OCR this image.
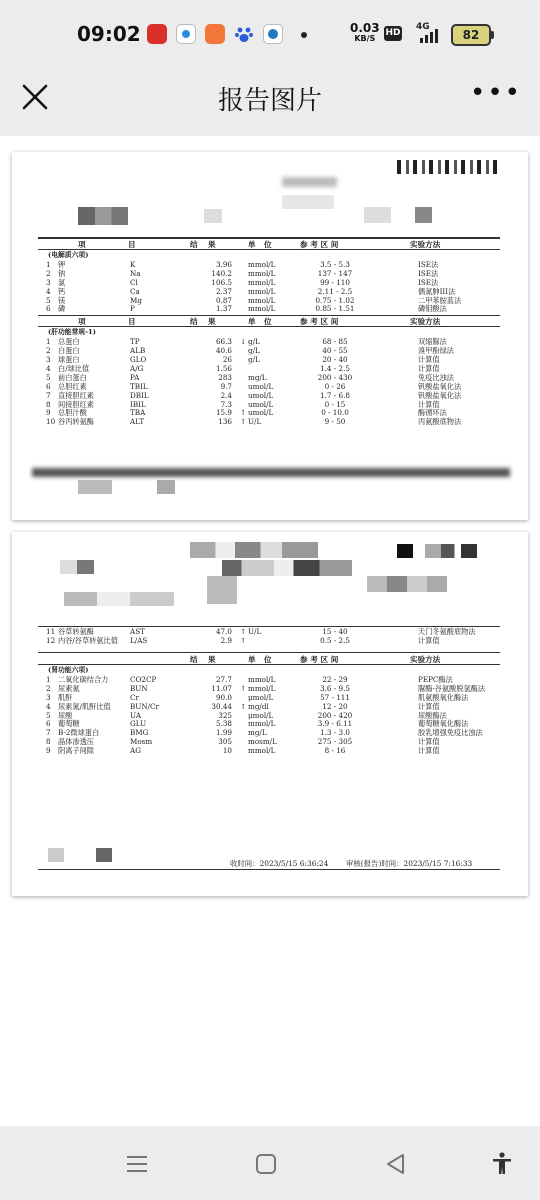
09:02	0.03
KB/S
HD
4G
82
报告图片	•••
项	目	结 果	单 位	参 考 区 间	实验方法
(电解质六项)
1 钾	K	3.96 mmol/L	3.5 - 5.3	ISE法
2 钠	Na	140.2 mmol/L	137 - 147	ISE法
3 氯	Cl	106.5 mmol/L	99 - 110	ISE法
4 钙	Ca	2.37 mmol/L	2.11 - 2.5	偶氮胂III法
5 镁	Mg	0.87 mmol/L	0.75 - 1.02	二甲苯胺蓝法
6 磷	P	1.37 mmol/L	0.85 - 1.51	磷钼酸法
项	目	结 果	单 位	参 考 区 间	实验方法
(肝功能常规-1)
1 总蛋白	TP	66.3 ↓ g/L	68 - 85	双缩脲法
2 白蛋白	ALB	40.6 g/L	40 - 55	溴甲酚绿法
3 球蛋白	GLO	26 g/L	20 - 40	计算值
4 白/球比值	A/G	1.56	1.4 - 2.5	计算值
5 前白蛋白	PA	283 mg/L	200 - 430	免疫比浊法
6 总胆红素	TBIL	9.7 umol/L	0 - 26	钒酸盐氧化法
7 直接胆红素	DBIL	2.4 umol/L	1.7 - 6.8	钒酸盐氧化法
8 间接胆红素	IBIL	7.3 umol/L	0 - 15	计算值
9 总胆汁酸	TBA	15.9 ↑ umol/L	0 - 10.0	酶循环法
10 谷丙转氨酶	ALT	136 ↑ U/L	9 - 50	丙氨酸底物法
11 谷草转氨酶	AST	47.0 ↑ U/L	15 - 40	天门冬氨酸底物法
12 内谷/谷草转氨比值 L/AS	2.9 ↑	0.5 - 2.5	计算值
结 果	单 位	参 考 区 间	实验方法
(肾功能六项)
1 二氧化碳结合力	CO2CP	27.7 mmol/L	22 - 29	PEPC酶法
2 尿素氮	BUN	11.07 ↑ mmol/L	3.6 - 9.5	脲酶-谷氨酸脱氢酶法
3 肌酐	Cr	90.0 μmol/L	57 - 111	肌氨酸氧化酶法
4 尿素氮/肌酐比值	BUN/Cr	30.44 ↑ mg/dl	12 - 20	计算值
5 尿酸	UA	325 μmol/L	200 - 420	尿酸酶法
6 葡萄糖	GLU	5.38 mmol/L	3.9 - 6.11	葡萄糖氧化酶法
7 B-2微球蛋白	BMG	1.99 mg/L	1.3 - 3.0	胶乳增强免疫比浊法
8 晶体渗透压	Mosm	305 mosm/L	275 - 305	计算值
9 阴离子间隙	AG	10 mmol/L	8 - 16	计算值
收时间：2023/5/15 6:36:24 审核(报告)时间：2023/5/15 7:16:33
